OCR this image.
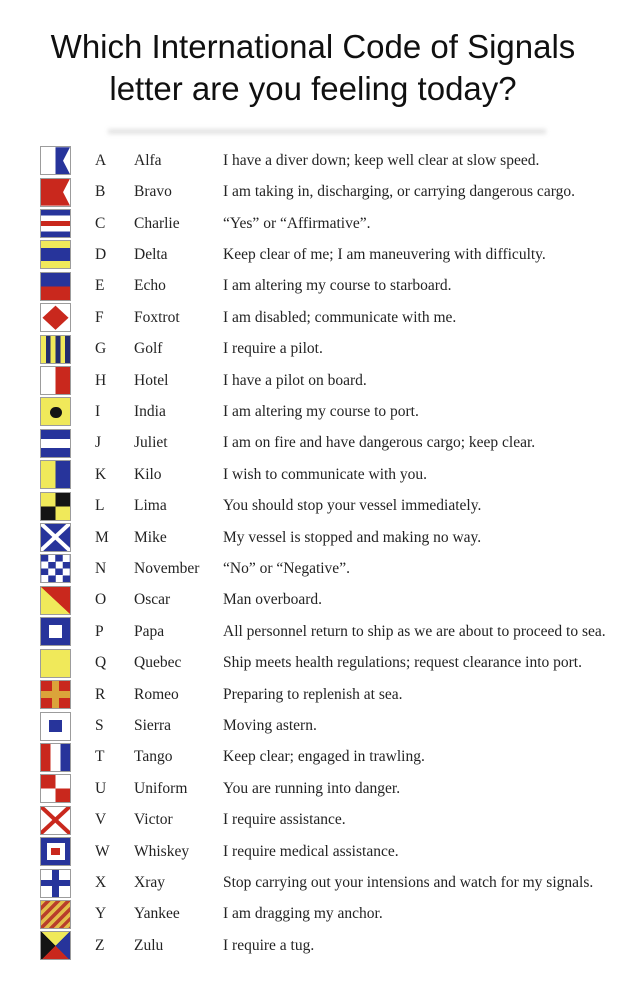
Which International Code of Signals
letter are you feeling today?
A	Alfa	I have a diver down; keep well clear at slow speed.
B	Bravo	I am taking in, discharging, or carrying dangerous cargo.
C	Charlie	“Yes” or “Affirmative”.
D	Delta	Keep clear of me; I am maneuvering with difficulty.
E	Echo	I am altering my course to starboard.
F	Foxtrot	I am disabled; communicate with me.
G	Golf	I require a pilot.
H	Hotel	I have a pilot on board.
I	India	I am altering my course to port.
J	Juliet	I am on fire and have dangerous cargo; keep clear.
K	Kilo	I wish to communicate with you.
L	Lima	You should stop your vessel immediately.
M	Mike	My vessel is stopped and making no way.
N	November	“No” or “Negative”.
O	Oscar	Man overboard.
P	Papa	All personnel return to ship as we are about to proceed to sea.
Q	Quebec	Ship meets health regulations; request clearance into port.
R	Romeo	Preparing to replenish at sea.
S	Sierra	Moving astern.
T	Tango	Keep clear; engaged in trawling.
U	Uniform	You are running into danger.
V	Victor	I require assistance.
W	Whiskey	I require medical assistance.
X	Xray	Stop carrying out your intensions and watch for my signals.
Y	Yankee	I am dragging my anchor.
Z	Zulu	I require a tug.
